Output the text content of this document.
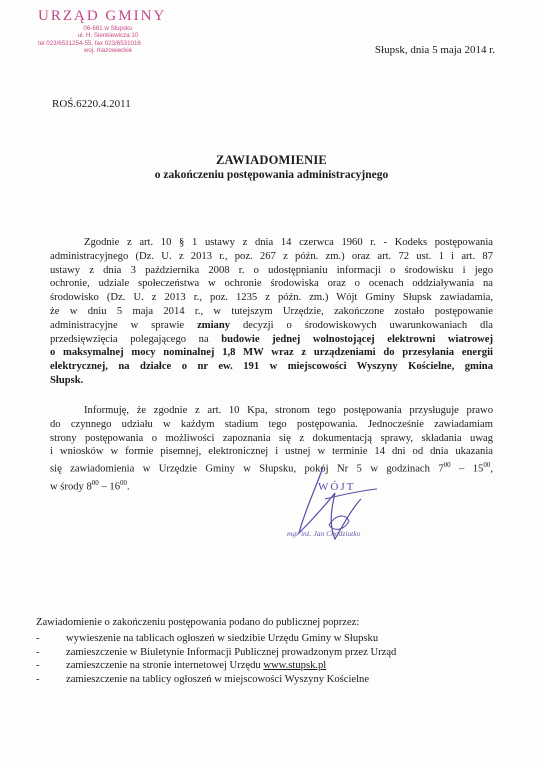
URZĄD GMINY
06-681 w Słupsku
ul. H. Sienkiewicza 10
tel 023/6531254-55, fax 023/6531016
woj. mazowieckie	Słupsk, dnia 5 maja 2014 r.
ROŚ.6220.4.2011
ZAWIADOMIENIE
o zakończeniu postępowania administracyjnego
Zgodnie z art. 10 § 1 ustawy z dnia 14 czerwca 1960 r. - Kodeks postępowania
administracyjnego (Dz. U. z 2013 r., poz. 267 z późn. zm.) oraz art. 72 ust. 1 i art. 87
ustawy z dnia 3 października 2008 r. o udostępnianiu informacji o środowisku i jego
ochronie, udziale społeczeństwa w ochronie środowiska oraz o ocenach oddziaływania na
środowisko (Dz. U. z 2013 r., poz. 1235 z późn. zm.) Wójt Gminy Słupsk zawiadamia,
że w dniu 5 maja 2014 r., w tutejszym Urzędzie, zakończone zostało postępowanie
administracyjne w sprawie zmiany decyzji o środowiskowych uwarunkowaniach dla
przedsięwzięcia polegającego na budowie jednej wolnostojącej elektrowni wiatrowej
o maksymalnej mocy nominalnej 1,8 MW wraz z urządzeniami do przesyłania energii
elektrycznej, na działce o nr ew. 191 w miejscowości Wyszyny Kościelne, gmina
Słupsk.
Informuję, że zgodnie z art. 10 Kpa, stronom tego postępowania przysługuje prawo
do czynnego udziału w każdym stadium tego postępowania. Jednocześnie zawiadamiam
strony postępowania o możliwości zapoznania się z dokumentacją sprawy, składania uwag
i wniosków w formie pisemnej, elektronicznej i ustnej w terminie 14 dni od dnia ukazania
się zawiadomienia w Urzędzie Gminy w Słupsku, pokój Nr 5 w godzinach $7^{00} - 15^{00}$,
w środy $8^{00} - 16^{00}$.	WÓJT
mgr inż. Jan Chodziutko
Zawiadomienie o zakończeniu postępowania podano do publicznej poprzez:
- wywieszenie na tablicach ogłoszeń w siedzibie Urzędu Gminy w Słupsku
- zamieszczenie w Biuletynie Informacji Publicznej prowadzonym przez Urząd
- zamieszczenie na stronie internetowej Urzędu www.stupsk.pl
- zamieszczenie na tablicy ogłoszeń w miejscowości Wyszyny Kościelne
